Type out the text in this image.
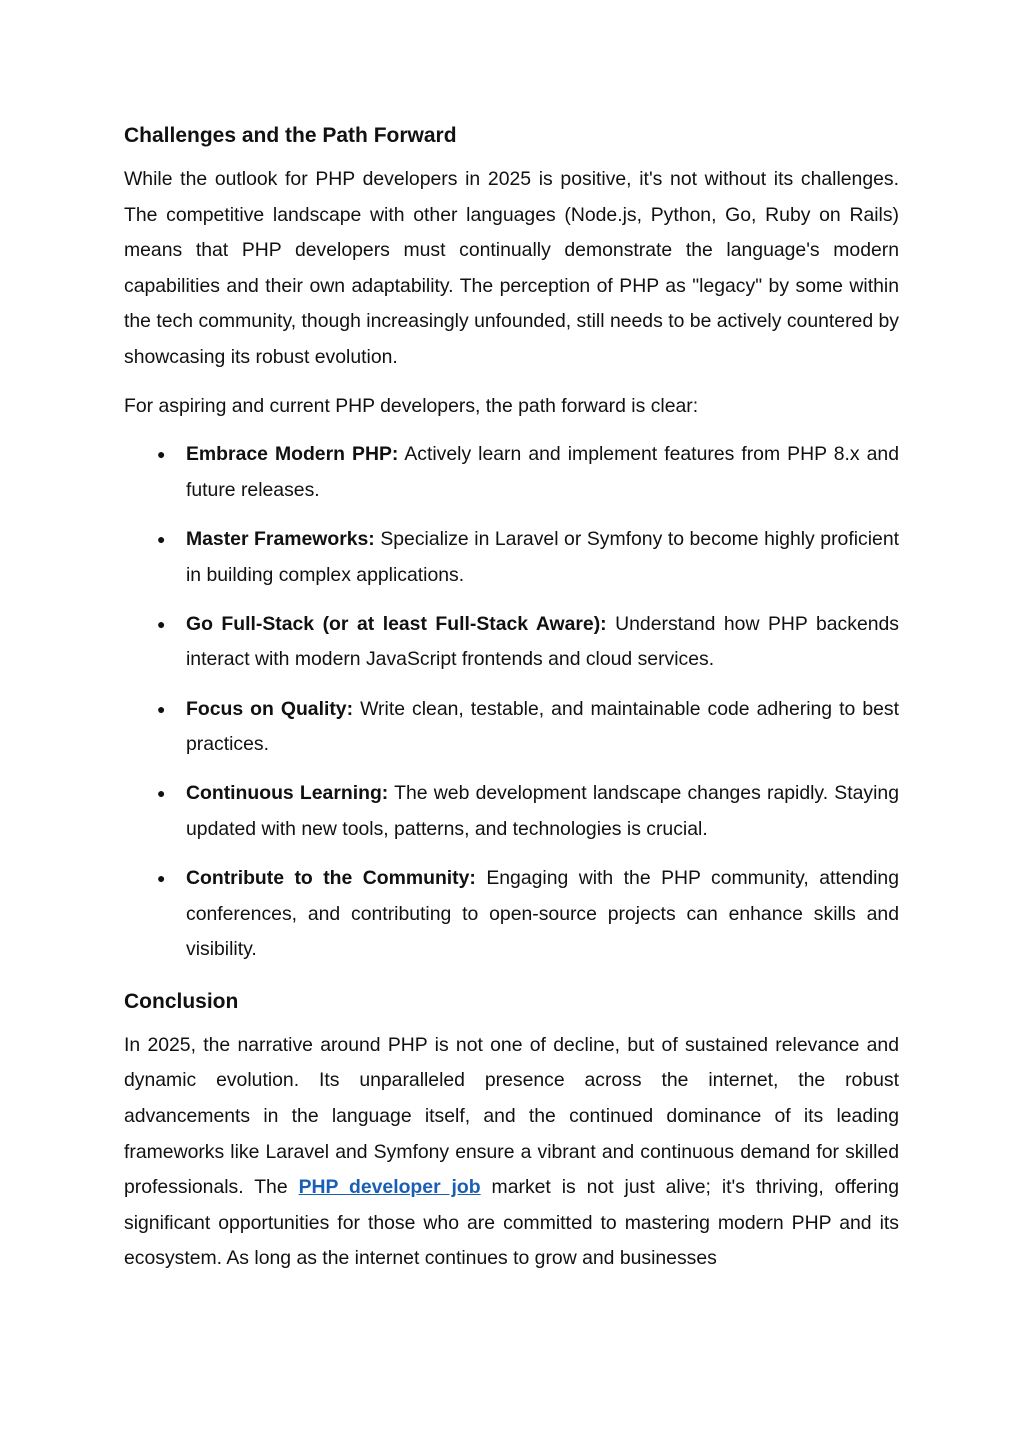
Challenges and the Path Forward

While the outlook for PHP developers in 2025 is positive, it's not without its challenges. The competitive landscape with other languages (Node.js, Python, Go, Ruby on Rails) means that PHP developers must continually demonstrate the language's modern capabilities and their own adaptability. The perception of PHP as "legacy" by some within the tech community, though increasingly unfounded, still needs to be actively countered by showcasing its robust evolution.

For aspiring and current PHP developers, the path forward is clear:

● Embrace Modern PHP: Actively learn and implement features from PHP 8.x and future releases.
● Master Frameworks: Specialize in Laravel or Symfony to become highly proficient in building complex applications.
● Go Full-Stack (or at least Full-Stack Aware): Understand how PHP backends interact with modern JavaScript frontends and cloud services.
● Focus on Quality: Write clean, testable, and maintainable code adhering to best practices.
● Continuous Learning: The web development landscape changes rapidly. Staying updated with new tools, patterns, and technologies is crucial.
● Contribute to the Community: Engaging with the PHP community, attending conferences, and contributing to open-source projects can enhance skills and visibility.
Conclusion

In 2025, the narrative around PHP is not one of decline, but of sustained relevance and dynamic evolution. Its unparalleled presence across the internet, the robust advancements in the language itself, and the continued dominance of its leading frameworks like Laravel and Symfony ensure a vibrant and continuous demand for skilled professionals. The PHP developer job market is not just alive; it's thriving, offering significant opportunities for those who are committed to mastering modern PHP and its ecosystem. As long as the internet continues to grow and businesses
